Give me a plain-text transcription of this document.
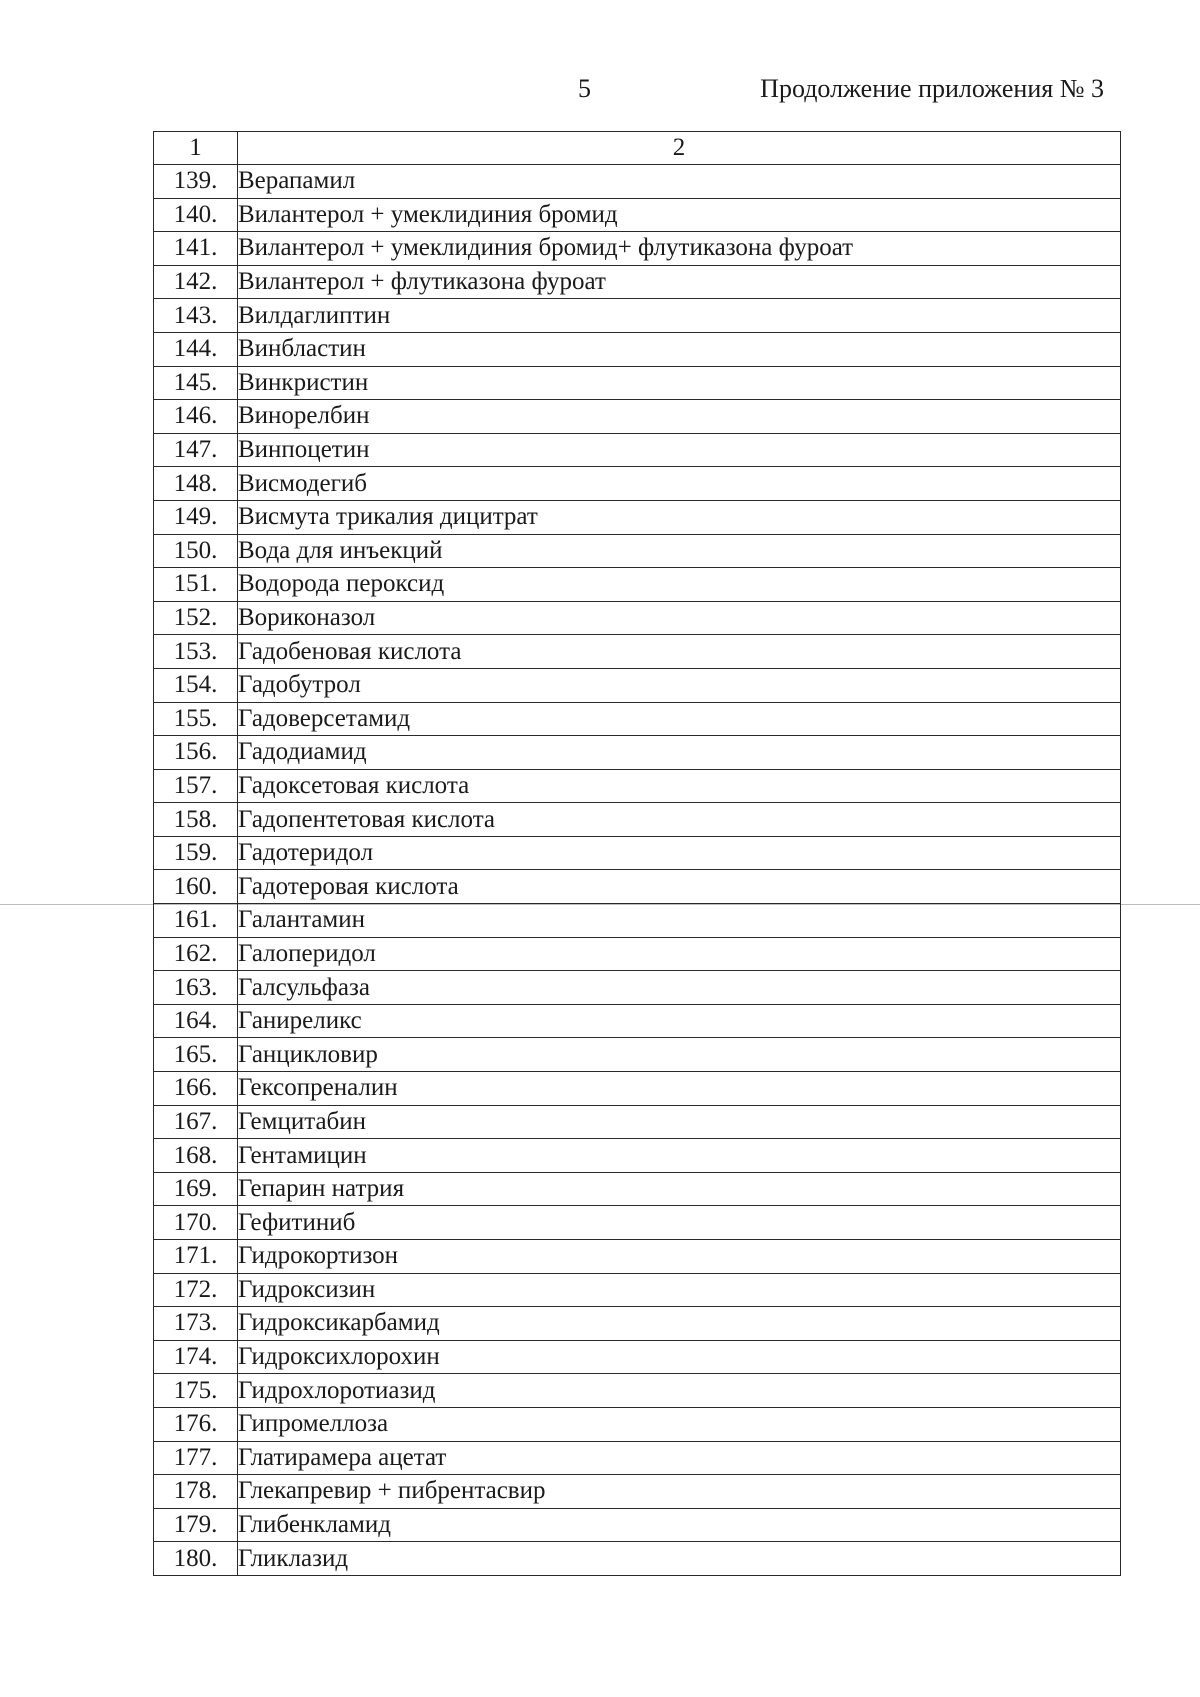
5	Продолжение приложения № 3
1	2
139.	Верапамил
140.	Вилантерол + умеклидиния бромид
141.	Вилантерол + умеклидиния бромид+ флутиказона фуроат
142.	Вилантерол + флутиказона фуроат
143.	Вилдаглиптин
144.	Винбластин
145.	Винкристин
146.	Винорелбин
147.	Винпоцетин
148.	Висмодегиб
149.	Висмута трикалия дицитрат
150.	Вода для инъекций
151.	Водорода пероксид
152.	Вориконазол
153.	Гадобеновая кислота
154.	Гадобутрол
155.	Гадоверсетамид
156.	Гадодиамид
157.	Гадоксетовая кислота
158.	Гадопентетовая кислота
159.	Гадотеридол
160.	Гадотеровая кислота
161.	Галантамин
162.	Галоперидол
163.	Галсульфаза
164.	Ганиреликс
165.	Ганцикловир
166.	Гексопреналин
167.	Гемцитабин
168.	Гентамицин
169.	Гепарин натрия
170.	Гефитиниб
171.	Гидрокортизон
172.	Гидроксизин
173.	Гидроксикарбамид
174.	Гидроксихлорохин
175.	Гидрохлоротиазид
176.	Гипромеллоза
177.	Глатирамера ацетат
178.	Глекапревир + пибрентасвир
179.	Глибенкламид
180.	Гликлазид
